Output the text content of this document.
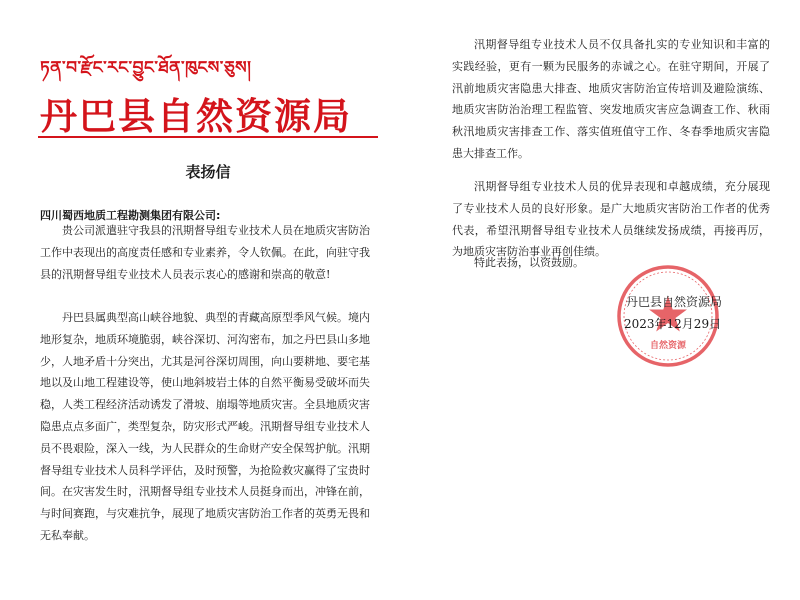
ཏན་བ་རྫོང་རང་བྱུང་ཐོན་ཁུངས་ཅུས།
丹巴县自然资源局
表扬信
四川蜀西地质工程勘测集团有限公司:

贵公司派遣驻守我县的汛期督导组专业技术人员在地质灾害防治工作中表现出的高度责任感和专业素养，令人钦佩。在此，向驻守我县的汛期督导组专业技术人员表示衷心的感谢和崇高的敬意!

丹巴县属典型高山峡谷地貌、典型的青藏高原型季风气候。境内地形复杂，地质环境脆弱，峡谷深切、河沟密布，加之丹巴县山多地少，人地矛盾十分突出，尤其是河谷深切周围，向山要耕地、要宅基地以及山地工程建设等，使山地斜坡岩土体的自然平衡易受破坏而失稳，人类工程经济活动诱发了滑坡、崩塌等地质灾害。全县地质灾害隐患点点多面广，类型复杂，防灾形式严峻。汛期督导组专业技术人员不畏艰险，深入一线，为人民群众的生命财产安全保驾护航。汛期督导组专业技术人员科学评估，及时预警，为抢险救灾赢得了宝贵时间。在灾害发生时，汛期督导组专业技术人员挺身而出，冲锋在前，与时间赛跑，与灾难抗争，展现了地质灾害防治工作者的英勇无畏和无私奉献。

汛期督导组专业技术人员不仅具备扎实的专业知识和丰富的实践经验，更有一颗为民服务的赤诚之心。在驻守期间，开展了汛前地质灾害隐患大排查、地质灾害防治宣传培训及避险演练、地质灾害防治治理工程监管、突发地质灾害应急调查工作、秋雨秋汛地质灾害排查工作、落实值班值守工作、冬春季地质灾害隐患大排查工作。

汛期督导组专业技术人员的优异表现和卓越成绩，充分展现了专业技术人员的良好形象。是广大地质灾害防治工作者的优秀代表，希望汛期督导组专业技术人员继续发扬成绩，再接再厉，为地质灾害防治事业再创佳绩。

特此表扬，以资鼓励。

自然资源
丹巴县自然资源局
2023年12月29日
